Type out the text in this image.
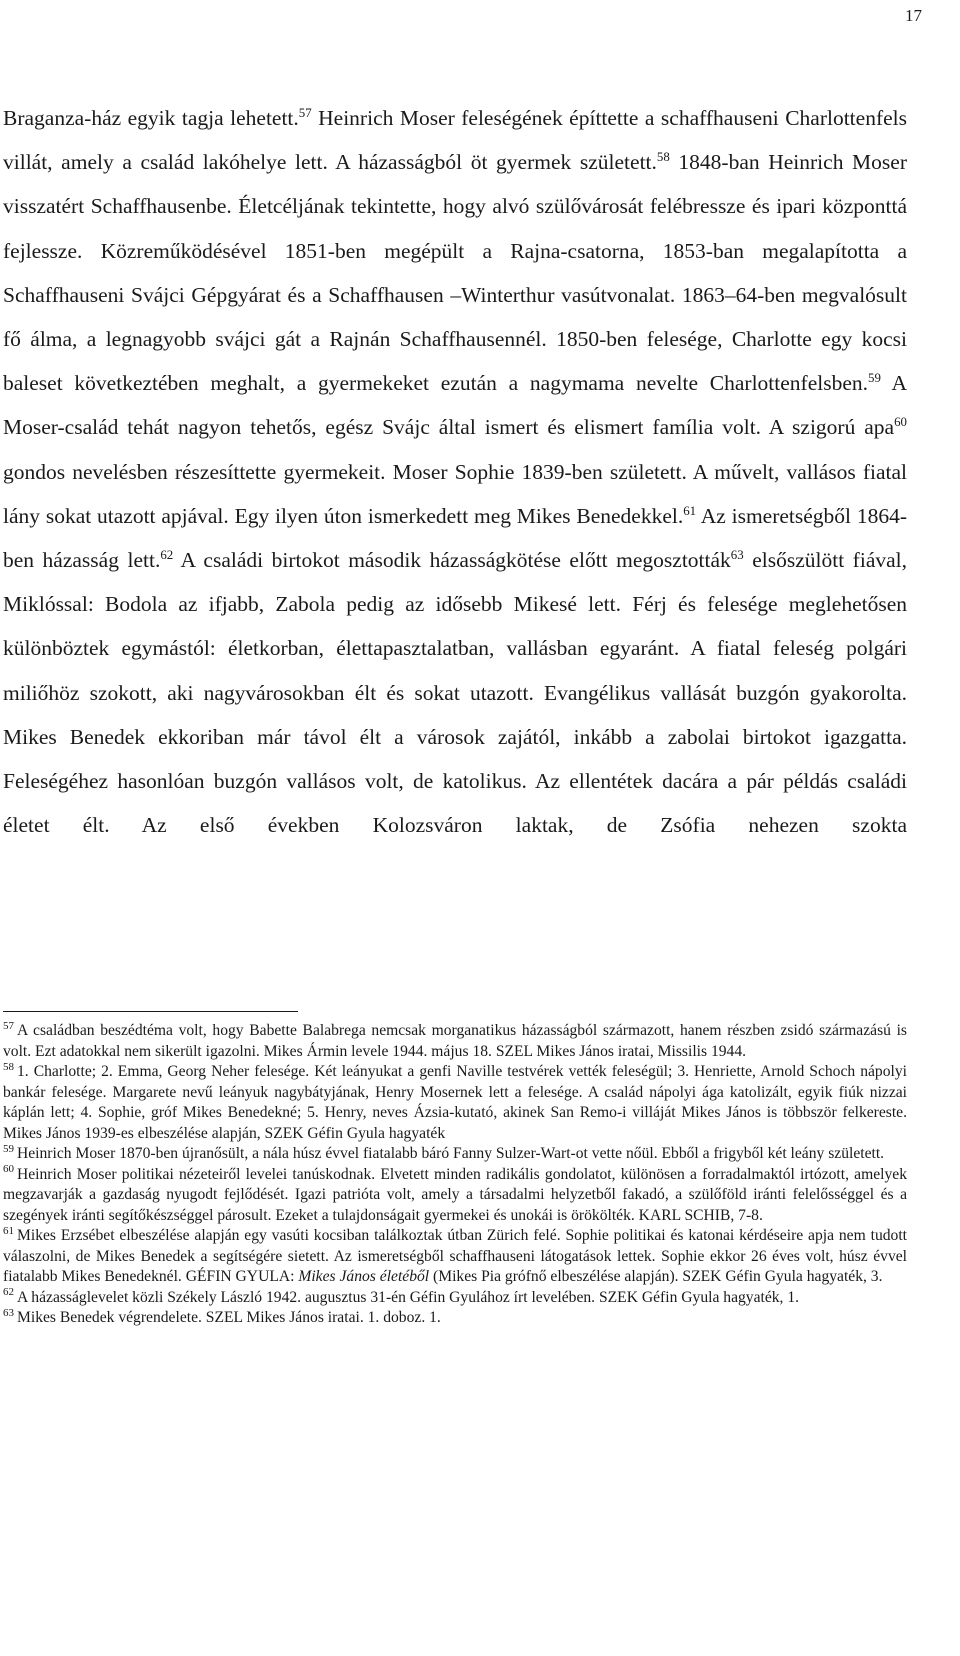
17

Braganza-ház egyik tagja lehetett.$^{57}$ Heinrich Moser feleségének építtette a schaffhauseni Charlottenfels villát, amely a család lakóhelye lett. A házasságból öt gyermek született.$^{58}$ 1848-ban Heinrich Moser visszatért Schaffhausenbe. Életcéljának tekintette, hogy alvó szülővárosát felébressze és ipari központtá fejlessze. Közreműködésével 1851-ben megépült a Rajna-csatorna, 1853-ban megalapította a Schaffhauseni Svájci Gépgyárat és a Schaffhausen –Winterthur vasútvonalat. 1863–64-ben megvalósult fő álma, a legnagyobb svájci gát a Rajnán Schaffhausennél. 1850-ben felesége, Charlotte egy kocsi baleset következtében meghalt, a gyermekeket ezután a nagymama nevelte Charlottenfelsben.$^{59}$ A Moser-család tehát nagyon tehetős, egész Svájc által ismert és elismert família volt. A szigorú apa$^{60}$ gondos nevelésben részesíttette gyermekeit. Moser Sophie 1839-ben született. A művelt, vallásos fiatal lány sokat utazott apjával. Egy ilyen úton ismerkedett meg Mikes Benedekkel.$^{61}$ Az ismeretségből 1864-ben házasság lett.$^{62}$ A családi birtokot második házasságkötése előtt megosztották$^{63}$ elsőszülött fiával, Miklóssal: Bodola az ifjabb, Zabola pedig az idősebb Mikesé lett. Férj és felesége meglehetősen különböztek egymástól: életkorban, élettapasztalatban, vallásban egyaránt. A fiatal feleség polgári miliőhöz szokott, aki nagyvárosokban élt és sokat utazott. Evangélikus vallását buzgón gyakorolta. Mikes Benedek ekkoriban már távol élt a városok zajától, inkább a zabolai birtokot igazgatta. Feleségéhez hasonlóan buzgón vallásos volt, de katolikus. Az ellentétek dacára a pár példás családi életet élt. Az első években Kolozsváron laktak, de Zsófia nehezen szokta

$^{57}$ A családban beszédtéma volt, hogy Babette Balabrega nemcsak morganatikus házasságból származott, hanem részben zsidó származású is volt. Ezt adatokkal nem sikerült igazolni. Mikes Ármin levele 1944. május 18. SZEL Mikes János iratai, Missilis 1944.

$^{58}$ 1. Charlotte; 2. Emma, Georg Neher felesége. Két leányukat a genfi Naville testvérek vették feleségül; 3. Henriette, Arnold Schoch nápolyi bankár felesége. Margarete nevű leányuk nagybátyjának, Henry Mosernek lett a felesége. A család nápolyi ága katolizált, egyik fiúk nizzai káplán lett; 4. Sophie, gróf Mikes Benedekné; 5. Henry, neves Ázsia-kutató, akinek San Remo-i villáját Mikes János is többször felkereste. Mikes János 1939-es elbeszélése alapján, SZEK Géfin Gyula hagyaték

$^{59}$ Heinrich Moser 1870-ben újranősült, a nála húsz évvel fiatalabb báró Fanny Sulzer-Wart-ot vette nőül. Ebből a frigyből két leány született.

$^{60}$ Heinrich Moser politikai nézeteiről levelei tanúskodnak. Elvetett minden radikális gondolatot, különösen a forradalmaktól irtózott, amelyek megzavarják a gazdaság nyugodt fejlődését. Igazi patrióta volt, amely a társadalmi helyzetből fakadó, a szülőföld iránti felelősséggel és a szegények iránti segítőkészséggel párosult. Ezeket a tulajdonságait gyermekei és unokái is örökölték. KARL SCHIB, 7-8.

$^{61}$ Mikes Erzsébet elbeszélése alapján egy vasúti kocsiban találkoztak útban Zürich felé. Sophie politikai és katonai kérdéseire apja nem tudott válaszolni, de Mikes Benedek a segítségére sietett. Az ismeretségből schaffhauseni látogatások lettek. Sophie ekkor 26 éves volt, húsz évvel fiatalabb Mikes Benedeknél. GÉFIN GYULA: Mikes János életéből (Mikes Pia grófnő elbeszélése alapján). SZEK Géfin Gyula hagyaték, 3.

$^{62}$ A házasságlevelet közli Székely László 1942. augusztus 31-én Géfin Gyulához írt levelében. SZEK Géfin Gyula hagyaték, 1.

$^{63}$ Mikes Benedek végrendelete. SZEL Mikes János iratai. 1. doboz. 1.
